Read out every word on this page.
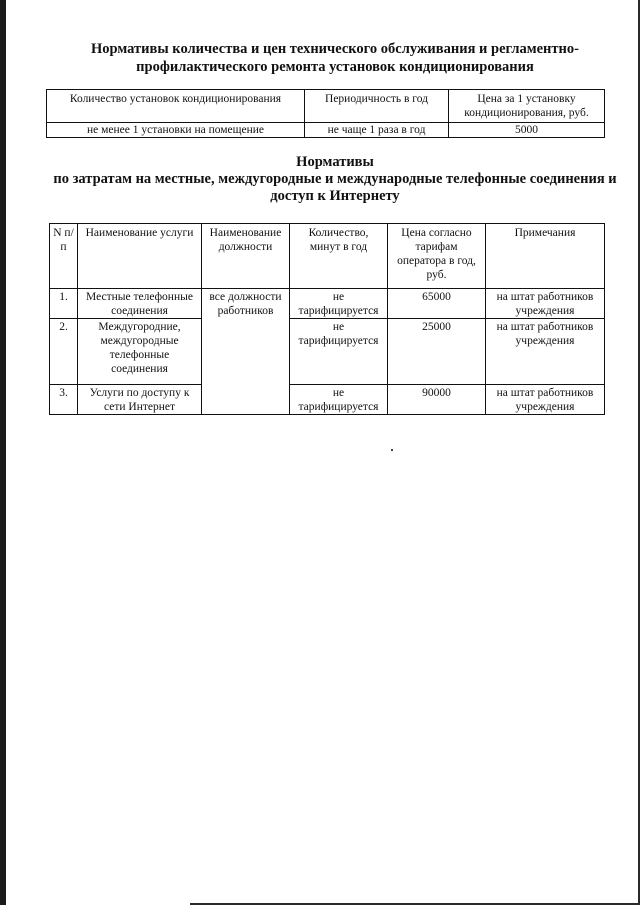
Нормативы количества и цен технического обслуживания и регламентно-профилактического ремонта установок кондиционирования
Количество установок кондиционирования	Периодичность в год	Цена за 1 установку кондиционирования, руб.
не менее 1 установки на помещение	не чаще 1 раза в год	5000
Нормативы
по затратам на местные, междугородные и международные телефонные соединения и доступ к Интернету
N п/п	Наименование услуги	Наименование должности	Количество, минут в год	Цена согласно тарифам оператора в год, руб.	Примечания
1.	Местные телефонные соединения	все должности работников	не тарифицируется	65000	на штат работников учреждения
2.	Междугородние, междугородные телефонные соединения		не тарифицируется	25000	на штат работников учреждения
3.	Услуги по доступу к сети Интернет		не тарифицируется	90000	на штат работников учреждения
